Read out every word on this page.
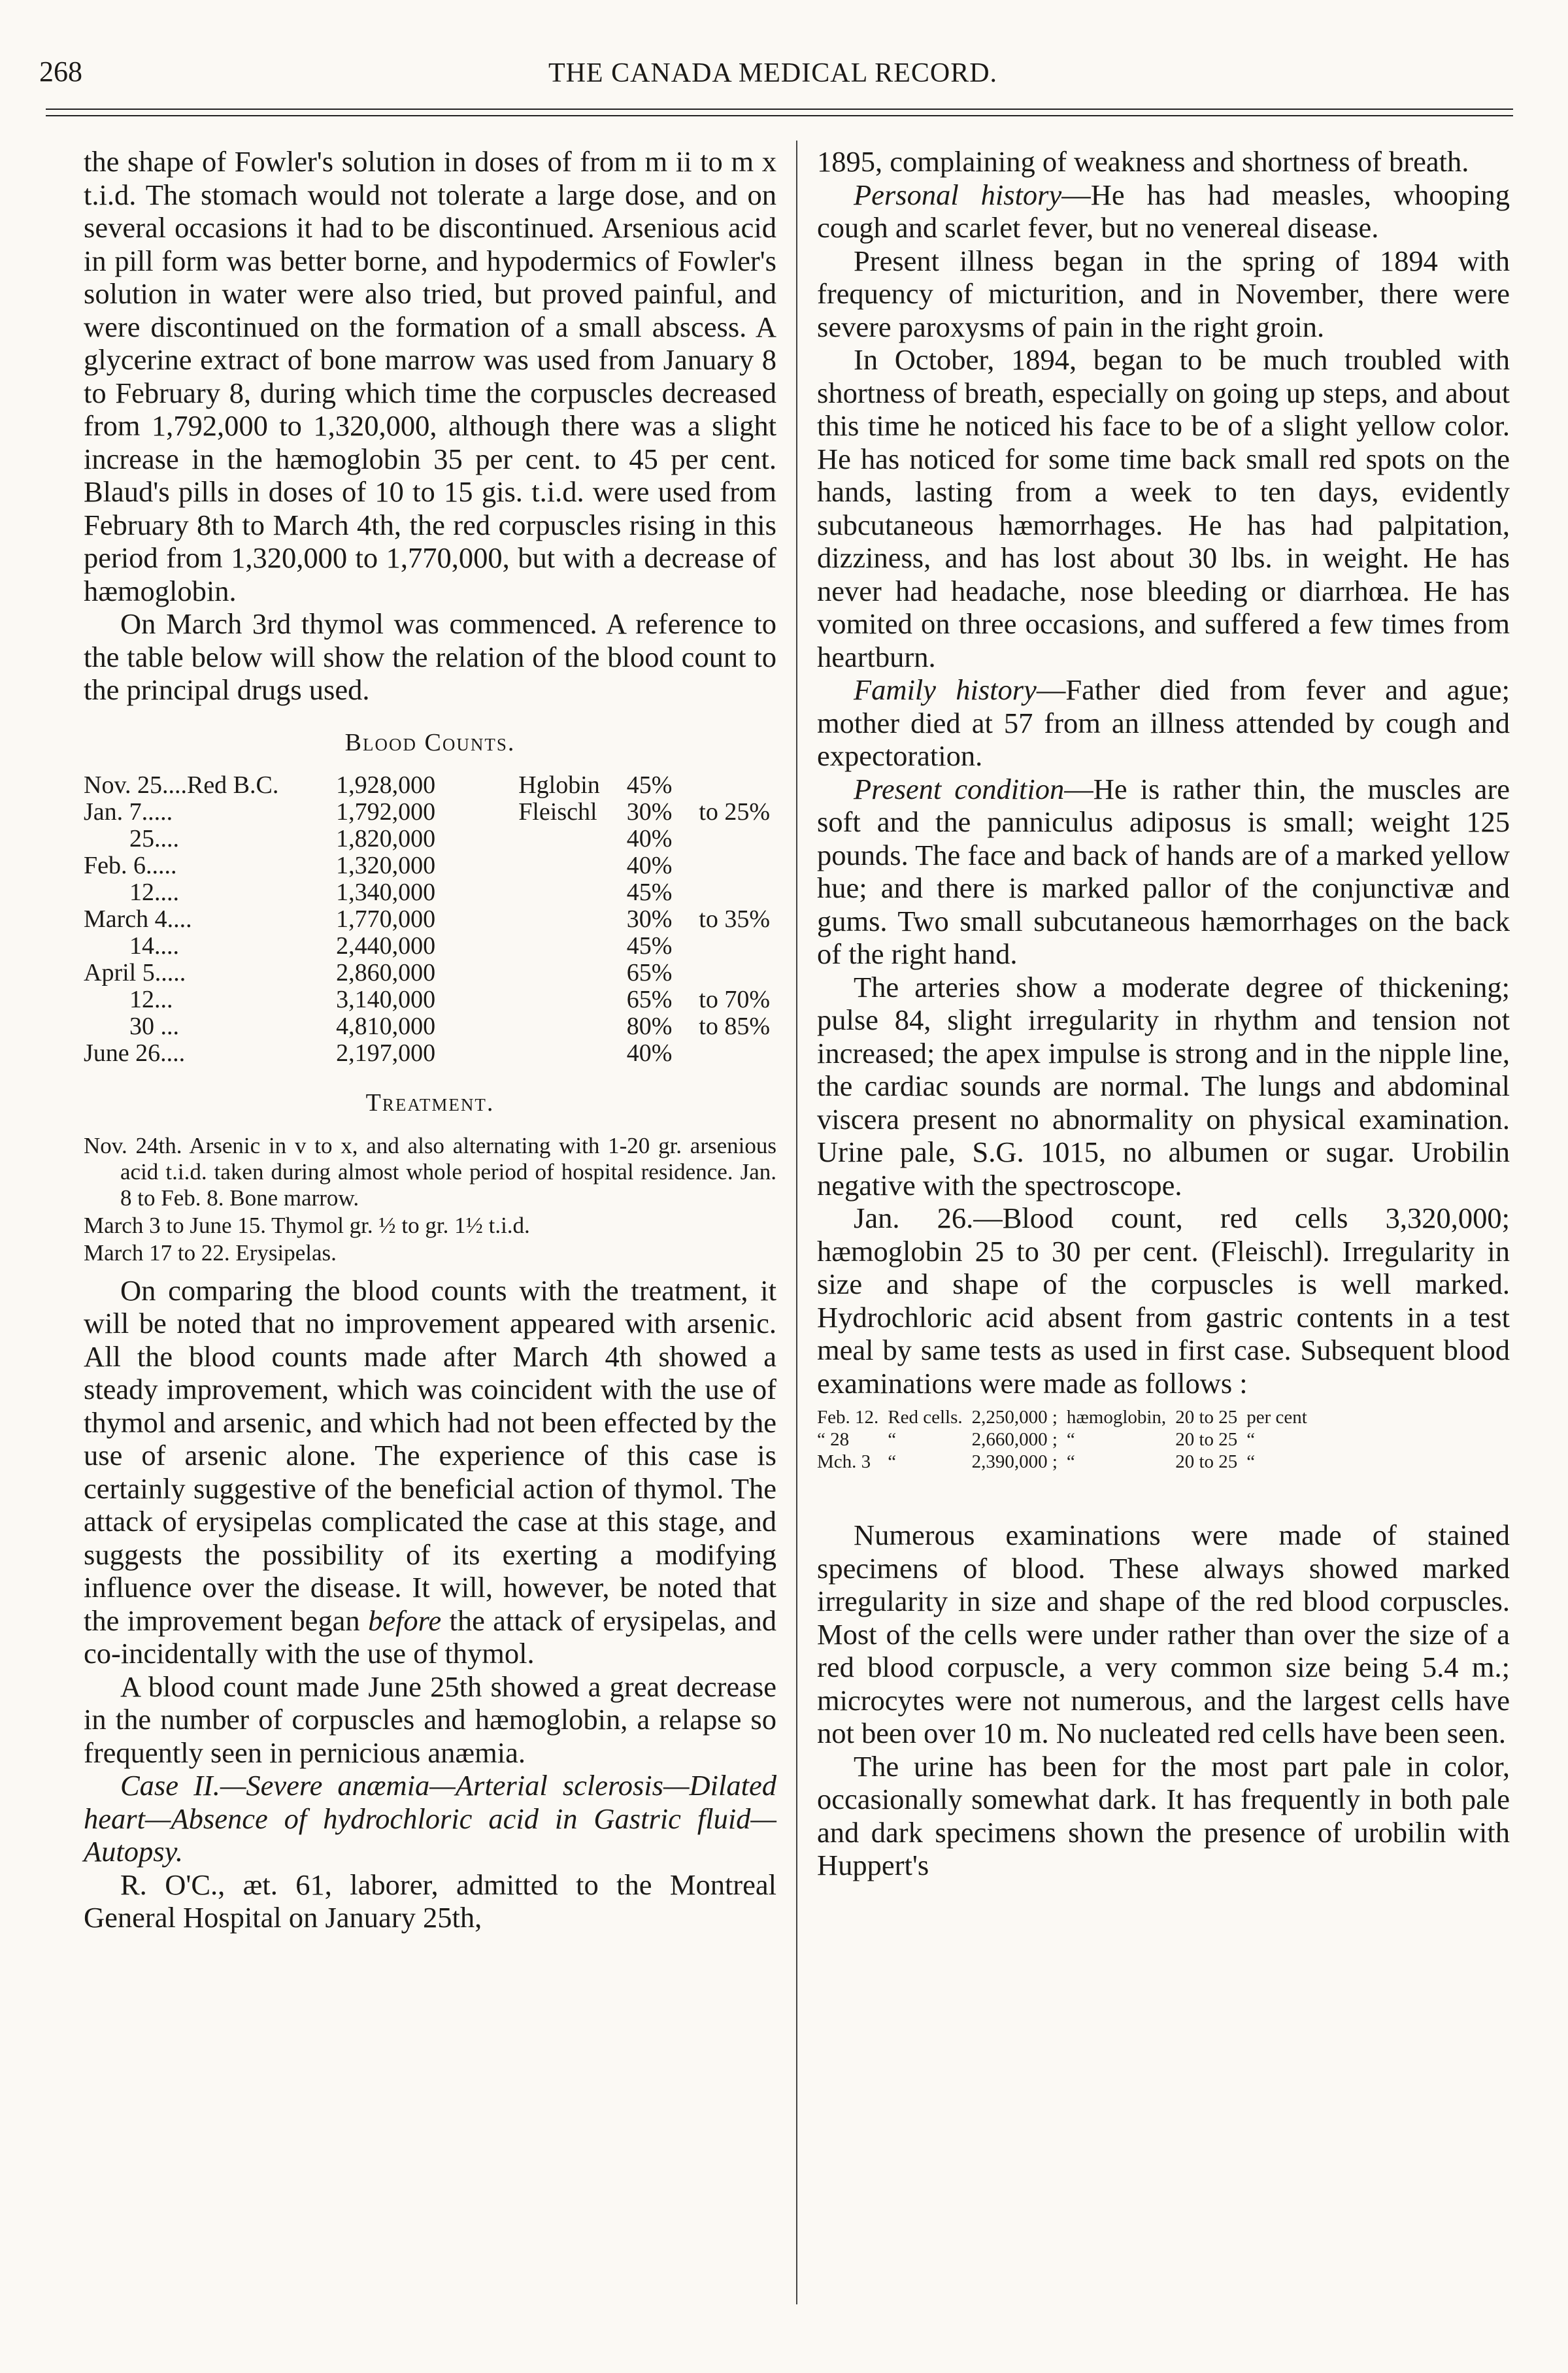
268	THE CANADA MEDICAL RECORD.

the shape of Fowler's solution in doses of from m ii to m x t.i.d. The stomach would not tolerate a large dose, and on several occasions it had to be discontinued. Arsenious acid in pill form was better borne, and hypodermics of Fowler's solution in water were also tried, but proved painful, and were discontinued on the formation of a small abscess. A glycerine extract of bone marrow was used from January 8 to February 8, during which time the corpuscles decreased from 1,792,000 to 1,320,000, although there was a slight increase in the hæmoglobin 35 per cent. to 45 per cent. Blaud's pills in doses of 10 to 15 gis. t.i.d. were used from February 8th to March 4th, the red corpuscles rising in this period from 1,320,000 to 1,770,000, but with a decrease of hæmoglobin.

On March 3rd thymol was commenced. A reference to the table below will show the relation of the blood count to the principal drugs used.

Blood Counts.
Nov. 25....Red B.C.	1,928,000	Hglobin	45%	
Jan. 7.....	1,792,000	Fleischl	30%	to 25%
25....	1,820,000		40%	
Feb. 6.....	1,320,000		40%	
12....	1,340,000		45%	
March 4....	1,770,000		30%	to 35%
14....	2,440,000		45%	
April 5.....	2,860,000		65%	
12...	3,140,000		65%	to 70%
30 ...	4,810,000		80%	to 85%
June 26....	2,197,000		40%	
Treatment.
Nov. 24th. Arsenic in v to x, and also alternating with 1-20 gr. arsenious acid t.i.d. taken during almost whole period of hospital residence. Jan. 8 to Feb. 8. Bone marrow.
March 3 to June 15. Thymol gr. ½ to gr. 1½ t.i.d.
March 17 to 22. Erysipelas.

On comparing the blood counts with the treatment, it will be noted that no improvement appeared with arsenic. All the blood counts made after March 4th showed a steady improvement, which was coincident with the use of thymol and arsenic, and which had not been effected by the use of arsenic alone. The experience of this case is certainly suggestive of the beneficial action of thymol. The attack of erysipelas complicated the case at this stage, and suggests the possibility of its exerting a modifying influence over the disease. It will, however, be noted that the improvement began before the attack of erysipelas, and co-incidentally with the use of thymol.

A blood count made June 25th showed a great decrease in the number of corpuscles and hæmoglobin, a relapse so frequently seen in pernicious anæmia.

Case II.—Severe anæmia—Arterial sclerosis—Dilated heart—Absence of hydrochloric acid in Gastric fluid—Autopsy.

R. O'C., æt. 61, laborer, admitted to the Montreal General Hospital on January 25th,

1895, complaining of weakness and shortness of breath.

Personal history—He has had measles, whooping cough and scarlet fever, but no venereal disease.

Present illness began in the spring of 1894 with frequency of micturition, and in November, there were severe paroxysms of pain in the right groin.

In October, 1894, began to be much troubled with shortness of breath, especially on going up steps, and about this time he noticed his face to be of a slight yellow color. He has noticed for some time back small red spots on the hands, lasting from a week to ten days, evidently subcutaneous hæmorrhages. He has had palpitation, dizziness, and has lost about 30 lbs. in weight. He has never had headache, nose bleeding or diarrhœa. He has vomited on three occasions, and suffered a few times from heartburn.

Family history—Father died from fever and ague; mother died at 57 from an illness attended by cough and expectoration.

Present condition—He is rather thin, the muscles are soft and the panniculus adiposus is small; weight 125 pounds. The face and back of hands are of a marked yellow hue; and there is marked pallor of the conjunctivæ and gums. Two small subcutaneous hæmorrhages on the back of the right hand.

The arteries show a moderate degree of thickening; pulse 84, slight irregularity in rhythm and tension not increased; the apex impulse is strong and in the nipple line, the cardiac sounds are normal. The lungs and abdominal viscera present no abnormality on physical examination. Urine pale, S.G. 1015, no albumen or sugar. Urobilin negative with the spectroscope.

Jan. 26.—Blood count, red cells 3,320,000; hæmoglobin 25 to 30 per cent. (Fleischl). Irregularity in size and shape of the corpuscles is well marked. Hydrochloric acid absent from gastric contents in a test meal by same tests as used in first case. Subsequent blood examinations were made as follows :

Feb. 12.	Red cells.	2,250,000 ;	hæmoglobin,	20 to 25	per cent
“ 28	“	2,660,000 ;	“	20 to 25	“
Mch. 3	“	2,390,000 ;	“	20 to 25	“

Numerous examinations were made of stained specimens of blood. These always showed marked irregularity in size and shape of the red blood corpuscles. Most of the cells were under rather than over the size of a red blood corpuscle, a very common size being 5.4 m.; microcytes were not numerous, and the largest cells have not been over 10 m. No nucleated red cells have been seen.

The urine has been for the most part pale in color, occasionally somewhat dark. It has frequently in both pale and dark specimens shown the presence of urobilin with Huppert's
